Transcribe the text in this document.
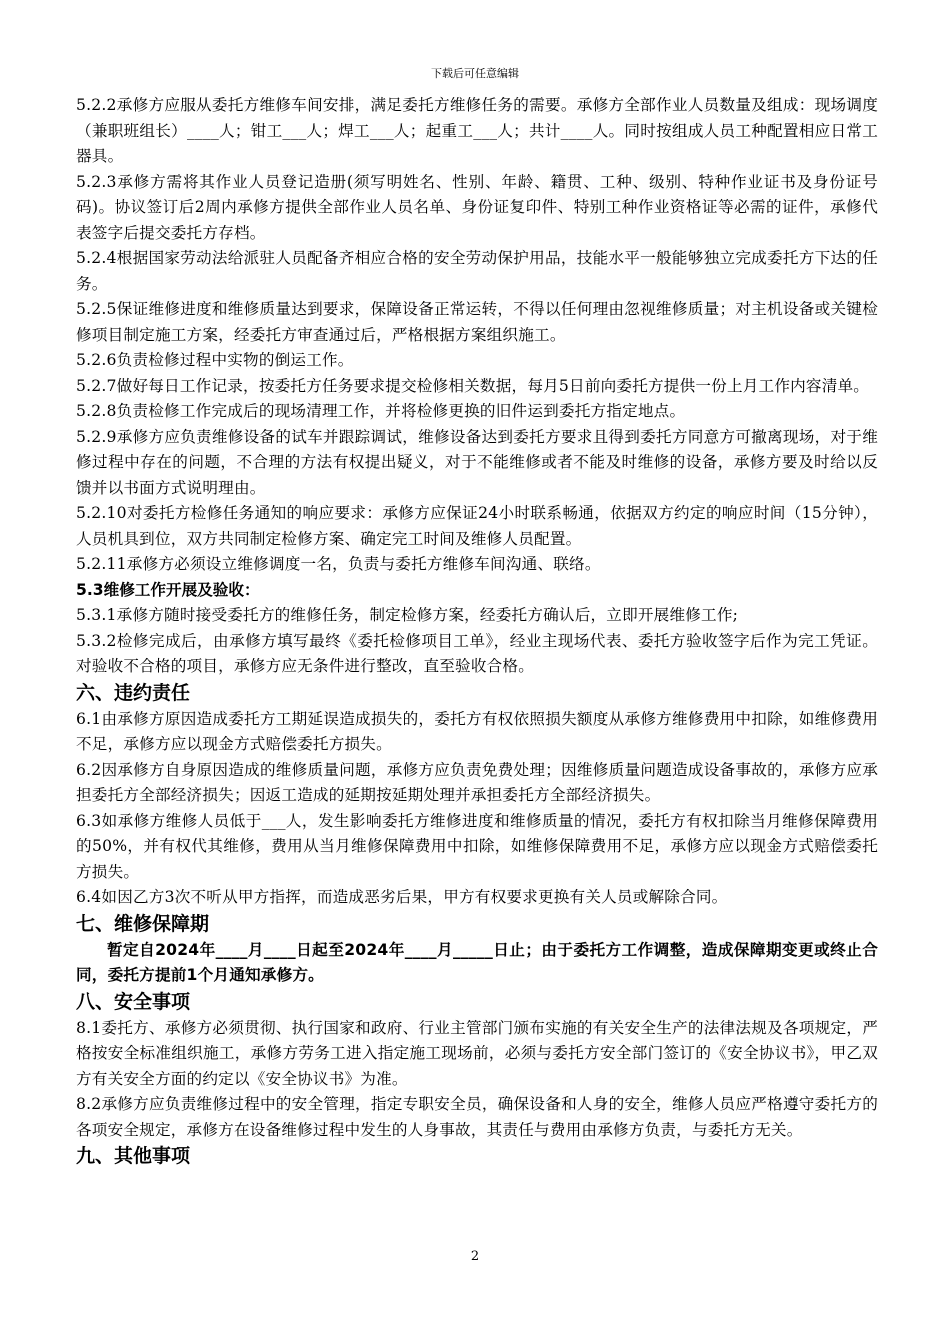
下载后可任意编辑

5.2.2承修方应服从委托方维修车间安排，满足委托方维修任务的需要。承修方全部作业人员数量及组成：现场调度（兼职班组长）____人；钳工___人；焊工___人；起重工___人；共计____人。同时按组成人员工种配置相应日常工器具。

5.2.3承修方需将其作业人员登记造册(须写明姓名、性别、年龄、籍贯、工种、级别、特种作业证书及身份证号码)。协议签订后2周内承修方提供全部作业人员名单、身份证复印件、特别工种作业资格证等必需的证件，承修代表签字后提交委托方存档。

5.2.4根据国家劳动法给派驻人员配备齐相应合格的安全劳动保护用品，技能水平一般能够独立完成委托方下达的任务。

5.2.5保证维修进度和维修质量达到要求，保障设备正常运转，不得以任何理由忽视维修质量；对主机设备或关键检修项目制定施工方案，经委托方审查通过后，严格根据方案组织施工。

5.2.6负责检修过程中实物的倒运工作。

5.2.7做好每日工作记录，按委托方任务要求提交检修相关数据，每月5日前向委托方提供一份上月工作内容清单。

5.2.8负责检修工作完成后的现场清理工作，并将检修更换的旧件运到委托方指定地点。

5.2.9承修方应负责维修设备的试车并跟踪调试，维修设备达到委托方要求且得到委托方同意方可撤离现场，对于维修过程中存在的问题，不合理的方法有权提出疑义，对于不能维修或者不能及时维修的设备，承修方要及时给以反馈并以书面方式说明理由。

5.2.10对委托方检修任务通知的响应要求：承修方应保证24小时联系畅通，依据双方约定的响应时间（15分钟），人员机具到位，双方共同制定检修方案、确定完工时间及维修人员配置。

5.2.11承修方必须设立维修调度一名，负责与委托方维修车间沟通、联络。

5.3维修工作开展及验收：

5.3.1承修方随时接受委托方的维修任务，制定检修方案，经委托方确认后，立即开展维修工作;

5.3.2检修完成后，由承修方填写最终《委托检修项目工单》，经业主现场代表、委托方验收签字后作为完工凭证。对验收不合格的项目，承修方应无条件进行整改，直至验收合格。

六、违约责任

6.1由承修方原因造成委托方工期延误造成损失的，委托方有权依照损失额度从承修方维修费用中扣除，如维修费用不足，承修方应以现金方式赔偿委托方损失。

6.2因承修方自身原因造成的维修质量问题，承修方应负责免费处理；因维修质量问题造成设备事故的，承修方应承担委托方全部经济损失；因返工造成的延期按延期处理并承担委托方全部经济损失。

6.3如承修方维修人员低于___人，发生影响委托方维修进度和维修质量的情况，委托方有权扣除当月维修保障费用的50%，并有权代其维修，费用从当月维修保障费用中扣除，如维修保障费用不足，承修方应以现金方式赔偿委托方损失。

6.4如因乙方3次不听从甲方指挥，而造成恶劣后果，甲方有权要求更换有关人员或解除合同。

七、维修保障期

暂定自2024年____月____日起至2024年____月_____日止；由于委托方工作调整，造成保障期变更或终止合同，委托方提前1个月通知承修方。

八、安全事项

8.1委托方、承修方必须贯彻、执行国家和政府、行业主管部门颁布实施的有关安全生产的法律法规及各项规定，严格按安全标准组织施工，承修方劳务工进入指定施工现场前，必须与委托方安全部门签订的《安全协议书》，甲乙双方有关安全方面的约定以《安全协议书》为准。

8.2承修方应负责维修过程中的安全管理，指定专职安全员，确保设备和人身的安全，维修人员应严格遵守委托方的各项安全规定，承修方在设备维修过程中发生的人身事故，其责任与费用由承修方负责，与委托方无关。

九、其他事项

2
